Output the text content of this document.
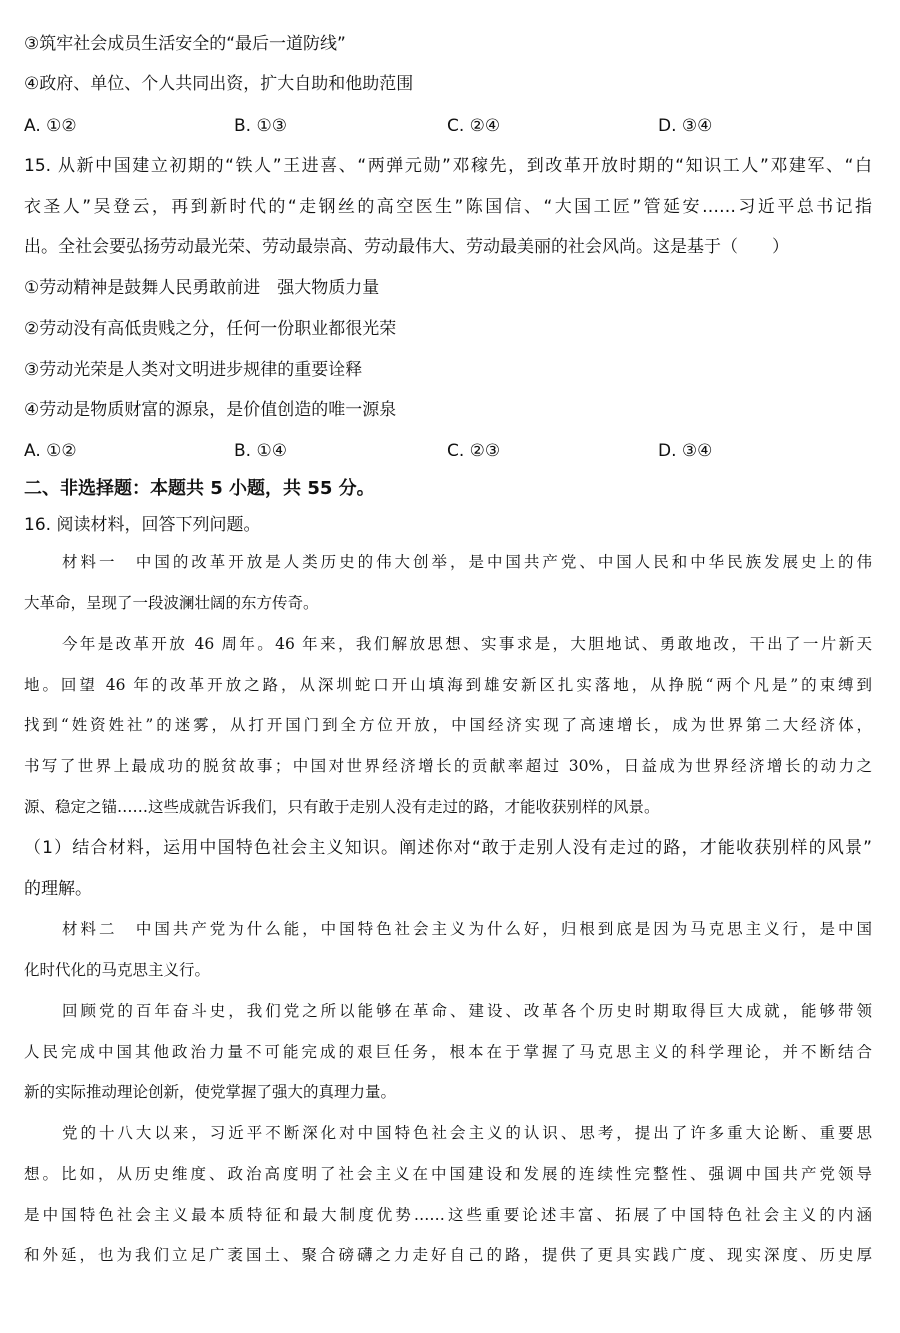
③筑牢社会成员生活安全的“最后一道防线”
④政府、单位、个人共同出资，扩大自助和他助范围
A. ①②	B. ①③	C. ②④	D. ③④
15. 从新中国建立初期的“铁人”王进喜、“两弹元勋”邓稼先，到改革开放时期的“知识工人”邓建军、“白
衣圣人”吴登云，再到新时代的“走钢丝的高空医生”陈国信、“大国工匠”管延安……习近平总书记指
出。全社会要弘扬劳动最光荣、劳动最崇高、劳动最伟大、劳动最美丽的社会风尚。这是基于（　　）
①劳动精神是鼓舞人民勇敢前进　强大物质力量
②劳动没有高低贵贱之分，任何一份职业都很光荣
③劳动光荣是人类对文明进步规律的重要诠释
④劳动是物质财富的源泉，是价值创造的唯一源泉
A. ①②	B. ①④	C. ②③	D. ③④
二、非选择题：本题共 5 小题，共 55 分。
16. 阅读材料，回答下列问题。
材料一　中国的改革开放是人类历史的伟大创举，是中国共产党、中国人民和中华民族发展史上的伟
大革命，呈现了一段波澜壮阔的东方传奇。
今年是改革开放 46 周年。46 年来，我们解放思想、实事求是，大胆地试、勇敢地改，干出了一片新天
地。回望 46 年的改革开放之路，从深圳蛇口开山填海到雄安新区扎实落地，从挣脱“两个凡是”的束缚到
找到“姓资姓社”的迷雾，从打开国门到全方位开放，中国经济实现了高速增长，成为世界第二大经济体，
书写了世界上最成功的脱贫故事；中国对世界经济增长的贡献率超过 30%，日益成为世界经济增长的动力之
源、稳定之锚……这些成就告诉我们，只有敢于走别人没有走过的路，才能收获别样的风景。
（1）结合材料，运用中国特色社会主义知识。阐述你对“敢于走别人没有走过的路，才能收获别样的风景”
的理解。
材料二　中国共产党为什么能，中国特色社会主义为什么好，归根到底是因为马克思主义行，是中国
化时代化的马克思主义行。
回顾党的百年奋斗史，我们党之所以能够在革命、建设、改革各个历史时期取得巨大成就，能够带领
人民完成中国其他政治力量不可能完成的艰巨任务，根本在于掌握了马克思主义的科学理论，并不断结合
新的实际推动理论创新，使党掌握了强大的真理力量。
党的十八大以来，习近平不断深化对中国特色社会主义的认识、思考，提出了许多重大论断、重要思
想。比如，从历史维度、政治高度明了社会主义在中国建设和发展的连续性完整性、强调中国共产党领导
是中国特色社会主义最本质特征和最大制度优势……这些重要论述丰富、拓展了中国特色社会主义的内涵
和外延，也为我们立足广袤国土、聚合磅礴之力走好自己的路，提供了更具实践广度、现实深度、历史厚
